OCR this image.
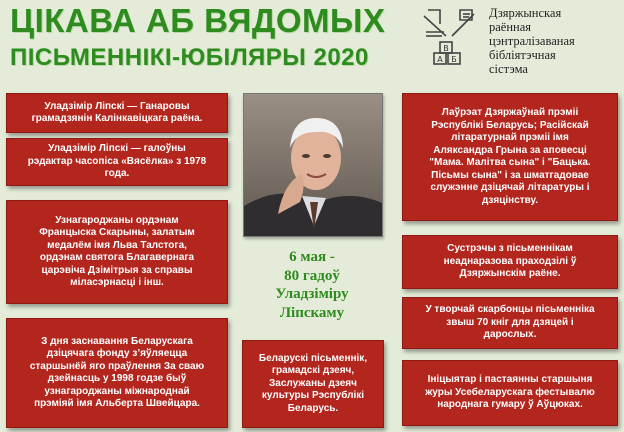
ЦІКАВА АБ ВЯДОМЫХ
ПІСЬМЕННІКІ-ЮБІЛЯРЫ 2020	В
А Б
Дзяржынская
раённая
цэнтралізаваная
бібліятэчная
сістэма
Уладзімір Ліпскі — Ганаровы
грамадзянін Калінкавіцкага раёна.
Уладзімір Ліпскі — галоўны
рэдактар часопіса «Вясёлка» з 1978
года.
Узнагароджаны ордэнам
Францыска Скарыны, залатым
медалём імя Льва Талстога,
ордэнам святога Благавернага
царэвіча Дзімітрыя за справы
міласэрнасці і інш.
З дня заснавання Беларускага
дзіцячага фонду з’яўляецца
старшынёй яго праўлення За сваю
дзейнасць у 1998 годзе быў
узнагароджаны міжнароднай
прэміяй імя Альберта Швейцара.
6 мая -
80 гадоў
Уладзіміру
Ліпскаму
Беларускі пісьменнік,
грамадскі дзеяч,
Заслужаны дзеяч
культуры Рэспублікі
Беларусь.
Лаўрэат Дзяржаўнай прэміі
Рэспублікі Беларусь; Расійскай
літаратурнай прэміі імя
Аляксандра Грына за аповесці
"Мама. Малітва сына" і "Бацька.
Пісьмы сына" і за шматгадовае
служэнне дзіцячай літаратуры і
дзяцінству.
Сустрэчы з пісьменнікам
неаднаразова праходзілі ў
Дзяржынскім раёне.
У творчай скарбонцы пісьменніка
звыш 70 кніг для дзяцей і
дарослых.
Ініцыятар і пастаянны старшыня
журы Усебеларускага фестывалю
народнага гумару ў Аўцюках.
